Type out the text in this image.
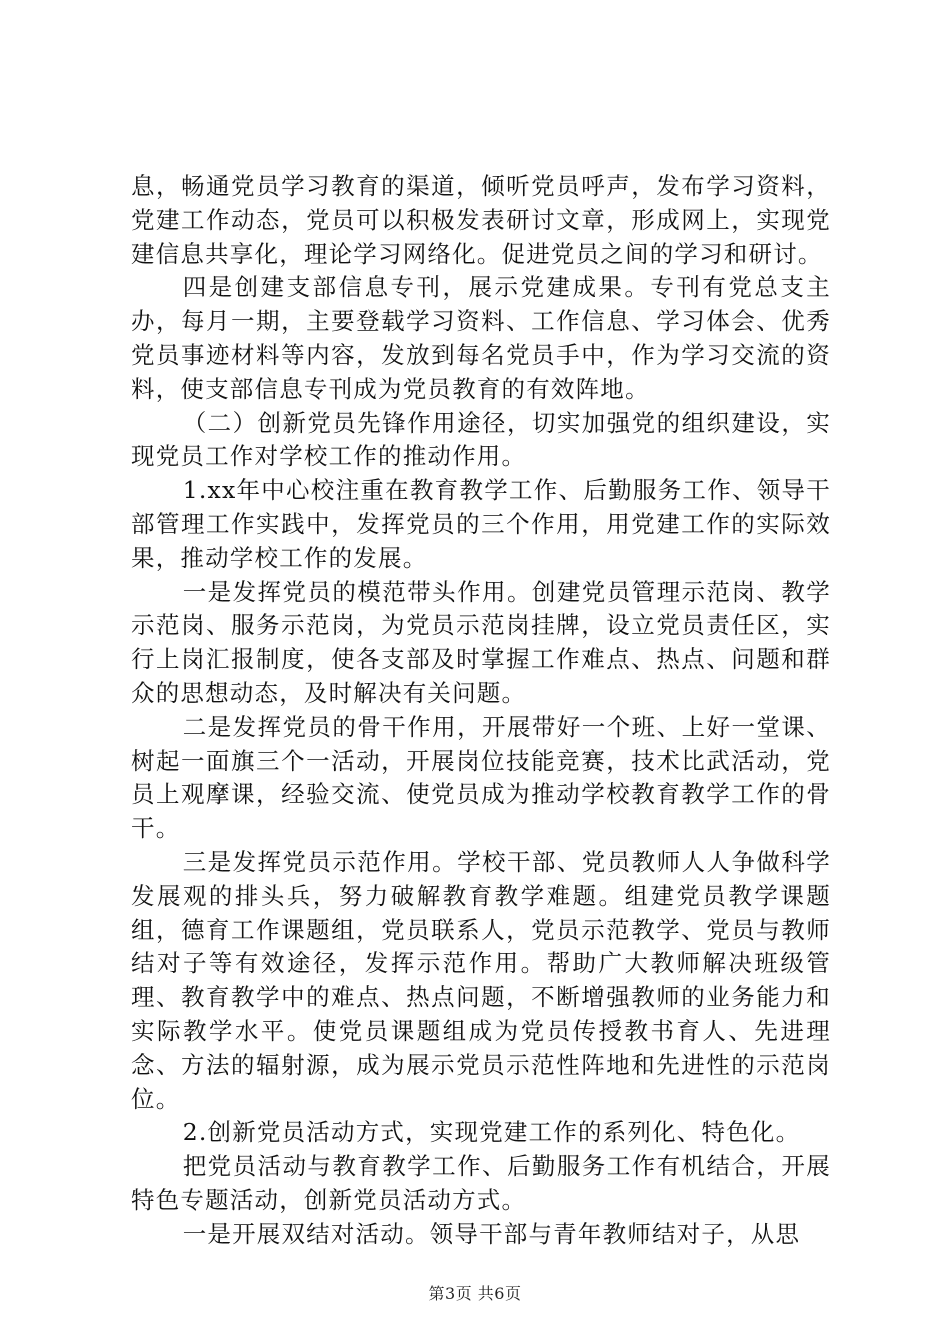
息，畅通党员学习教育的渠道，倾听党员呼声，发布学习资料，党建工作动态，党员可以积极发表研讨文章，形成网上，实现党建信息共享化，理论学习网络化。促进党员之间的学习和研讨。

四是创建支部信息专刊，展示党建成果。专刊有党总支主办，每月一期，主要登载学习资料、工作信息、学习体会、优秀党员事迹材料等内容，发放到每名党员手中，作为学习交流的资料，使支部信息专刊成为党员教育的有效阵地。

（二）创新党员先锋作用途径，切实加强党的组织建设，实现党员工作对学校工作的推动作用。

1.xx年中心校注重在教育教学工作、后勤服务工作、领导干部管理工作实践中，发挥党员的三个作用，用党建工作的实际效果，推动学校工作的发展。

一是发挥党员的模范带头作用。创建党员管理示范岗、教学示范岗、服务示范岗，为党员示范岗挂牌，设立党员责任区，实行上岗汇报制度，使各支部及时掌握工作难点、热点、问题和群众的思想动态，及时解决有关问题。

二是发挥党员的骨干作用，开展带好一个班、上好一堂课、树起一面旗三个一活动，开展岗位技能竞赛，技术比武活动，党员上观摩课，经验交流、使党员成为推动学校教育教学工作的骨干。

三是发挥党员示范作用。学校干部、党员教师人人争做科学发展观的排头兵，努力破解教育教学难题。组建党员教学课题组，德育工作课题组，党员联系人，党员示范教学、党员与教师结对子等有效途径，发挥示范作用。帮助广大教师解决班级管理、教育教学中的难点、热点问题，不断增强教师的业务能力和实际教学水平。使党员课题组成为党员传授教书育人、先进理念、方法的辐射源，成为展示党员示范性阵地和先进性的示范岗位。

2.创新党员活动方式，实现党建工作的系列化、特色化。

把党员活动与教育教学工作、后勤服务工作有机结合，开展特色专题活动，创新党员活动方式。

一是开展双结对活动。领导干部与青年教师结对子，从思

第3页 共6页
